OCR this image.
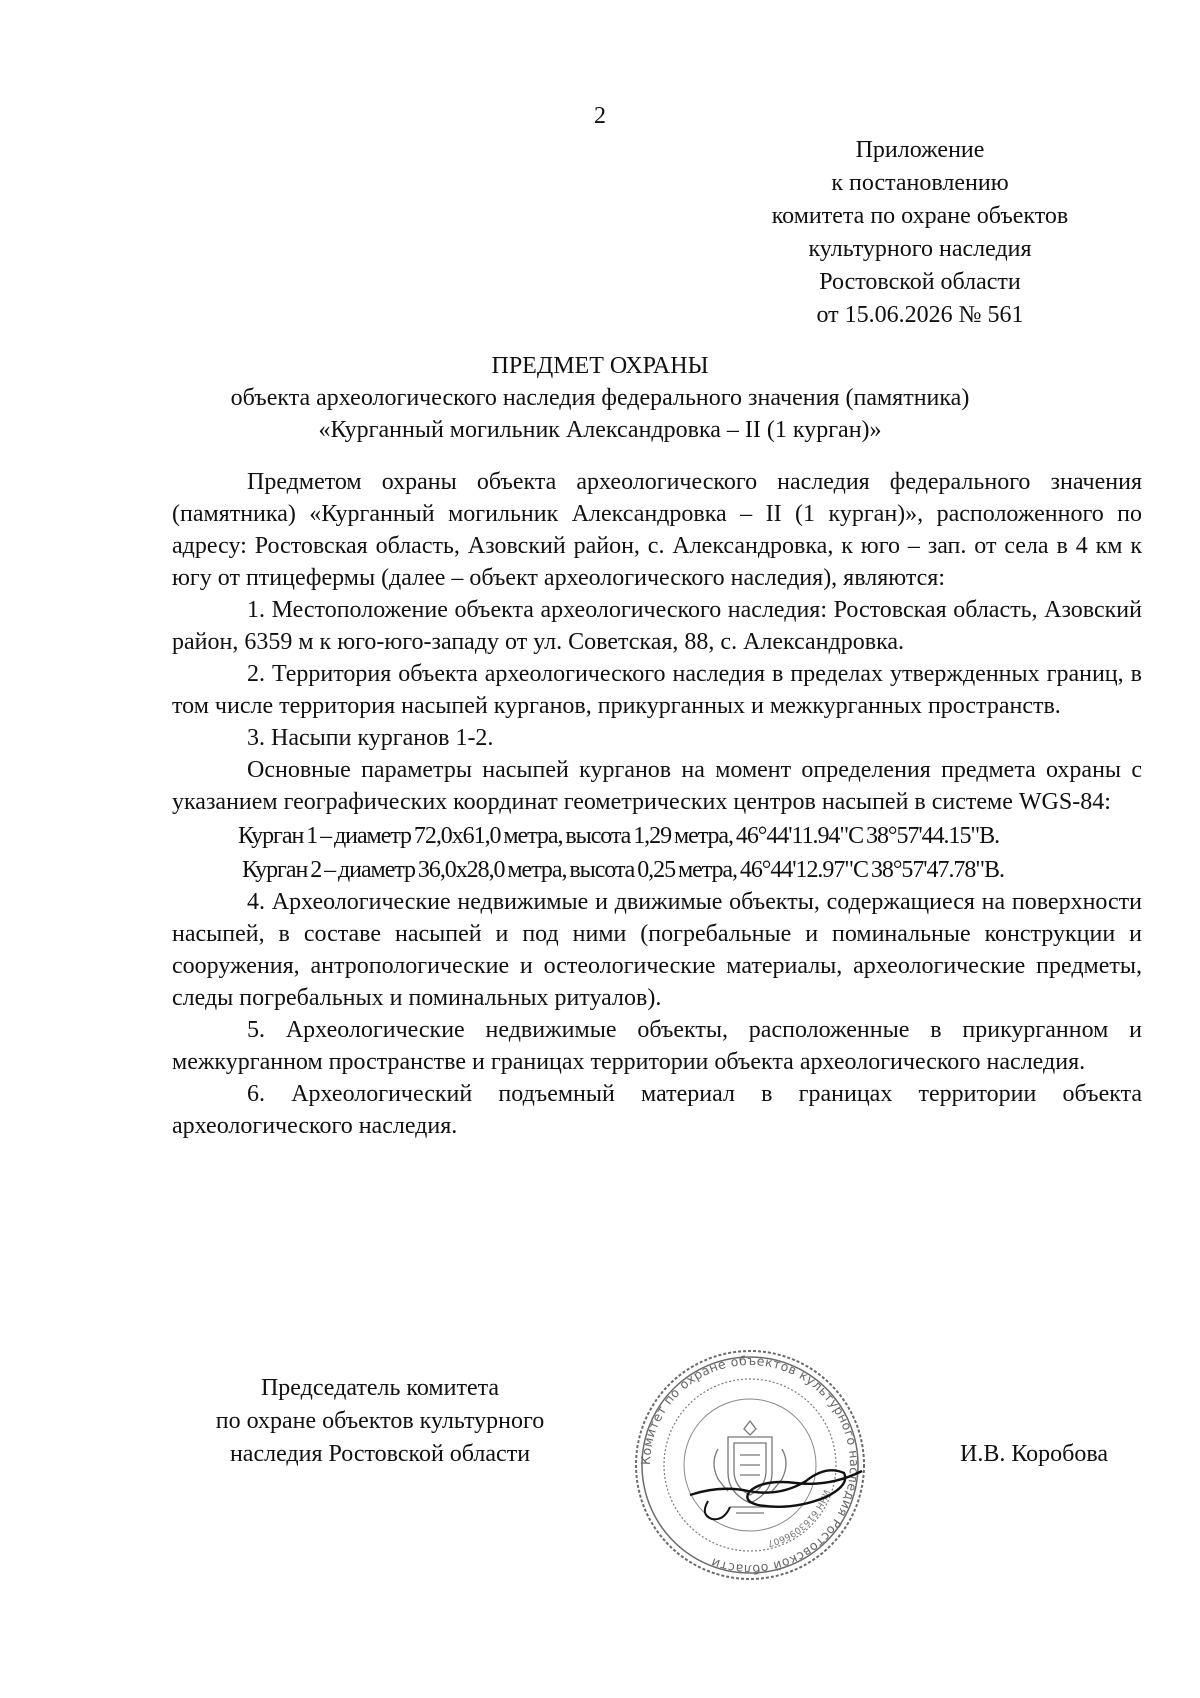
2
Приложение
к постановлению
комитета по охране объектов
культурного наследия
Ростовской области
от 15.06.2026 № 561
ПРЕДМЕТ ОХРАНЫ
объекта археологического наследия федерального значения (памятника)
«Курганный могильник Александровка – II (1 курган)»

Предметом охраны объекта археологического наследия федерального значения (памятника) «Курганный могильник Александровка – II (1 курган)», расположенного по адресу: Ростовская область, Азовский район, с. Александровка, к юго – зап. от села в 4 км к югу от птицефермы (далее – объект археологического наследия), являются:

1. Местоположение объекта археологического наследия: Ростовская область, Азовский район, 6359 м к юго-юго-западу от ул. Советская, 88, с. Александровка.

2. Территория объекта археологического наследия в пределах утвержденных границ, в том числе территория насыпей курганов, прикурганных и межкурганных пространств.

3. Насыпи курганов 1-2.

Основные параметры насыпей курганов на момент определения предмета охраны с указанием географических координат геометрических центров насыпей в системе WGS-84:

Курган 1 – диаметр 72,0х61,0 метра, высота 1,29 метра, 46°44'11.94"С 38°57'44.15"В.

Курган 2 – диаметр 36,0х28,0 метра, высота 0,25 метра, 46°44'12.97"С 38°57'47.78"В.

4. Археологические недвижимые и движимые объекты, содержащиеся на поверхности насыпей, в составе насыпей и под ними (погребальные и поминальные конструкции и сооружения, антропологические и остеологические материалы, археологические предметы, следы погребальных и поминальных ритуалов).

5. Археологические недвижимые объекты, расположенные в прикурганном и межкурганном пространстве и границах территории объекта археологического наследия.

6. Археологический подъемный материал в границах территории объекта археологического наследия.

Председатель комитета
по охране объектов культурного
наследия Ростовской области	Комитет по охране объектов культурного наследия Ростовской области
ИНН 6163096607
И.В. Коробова
